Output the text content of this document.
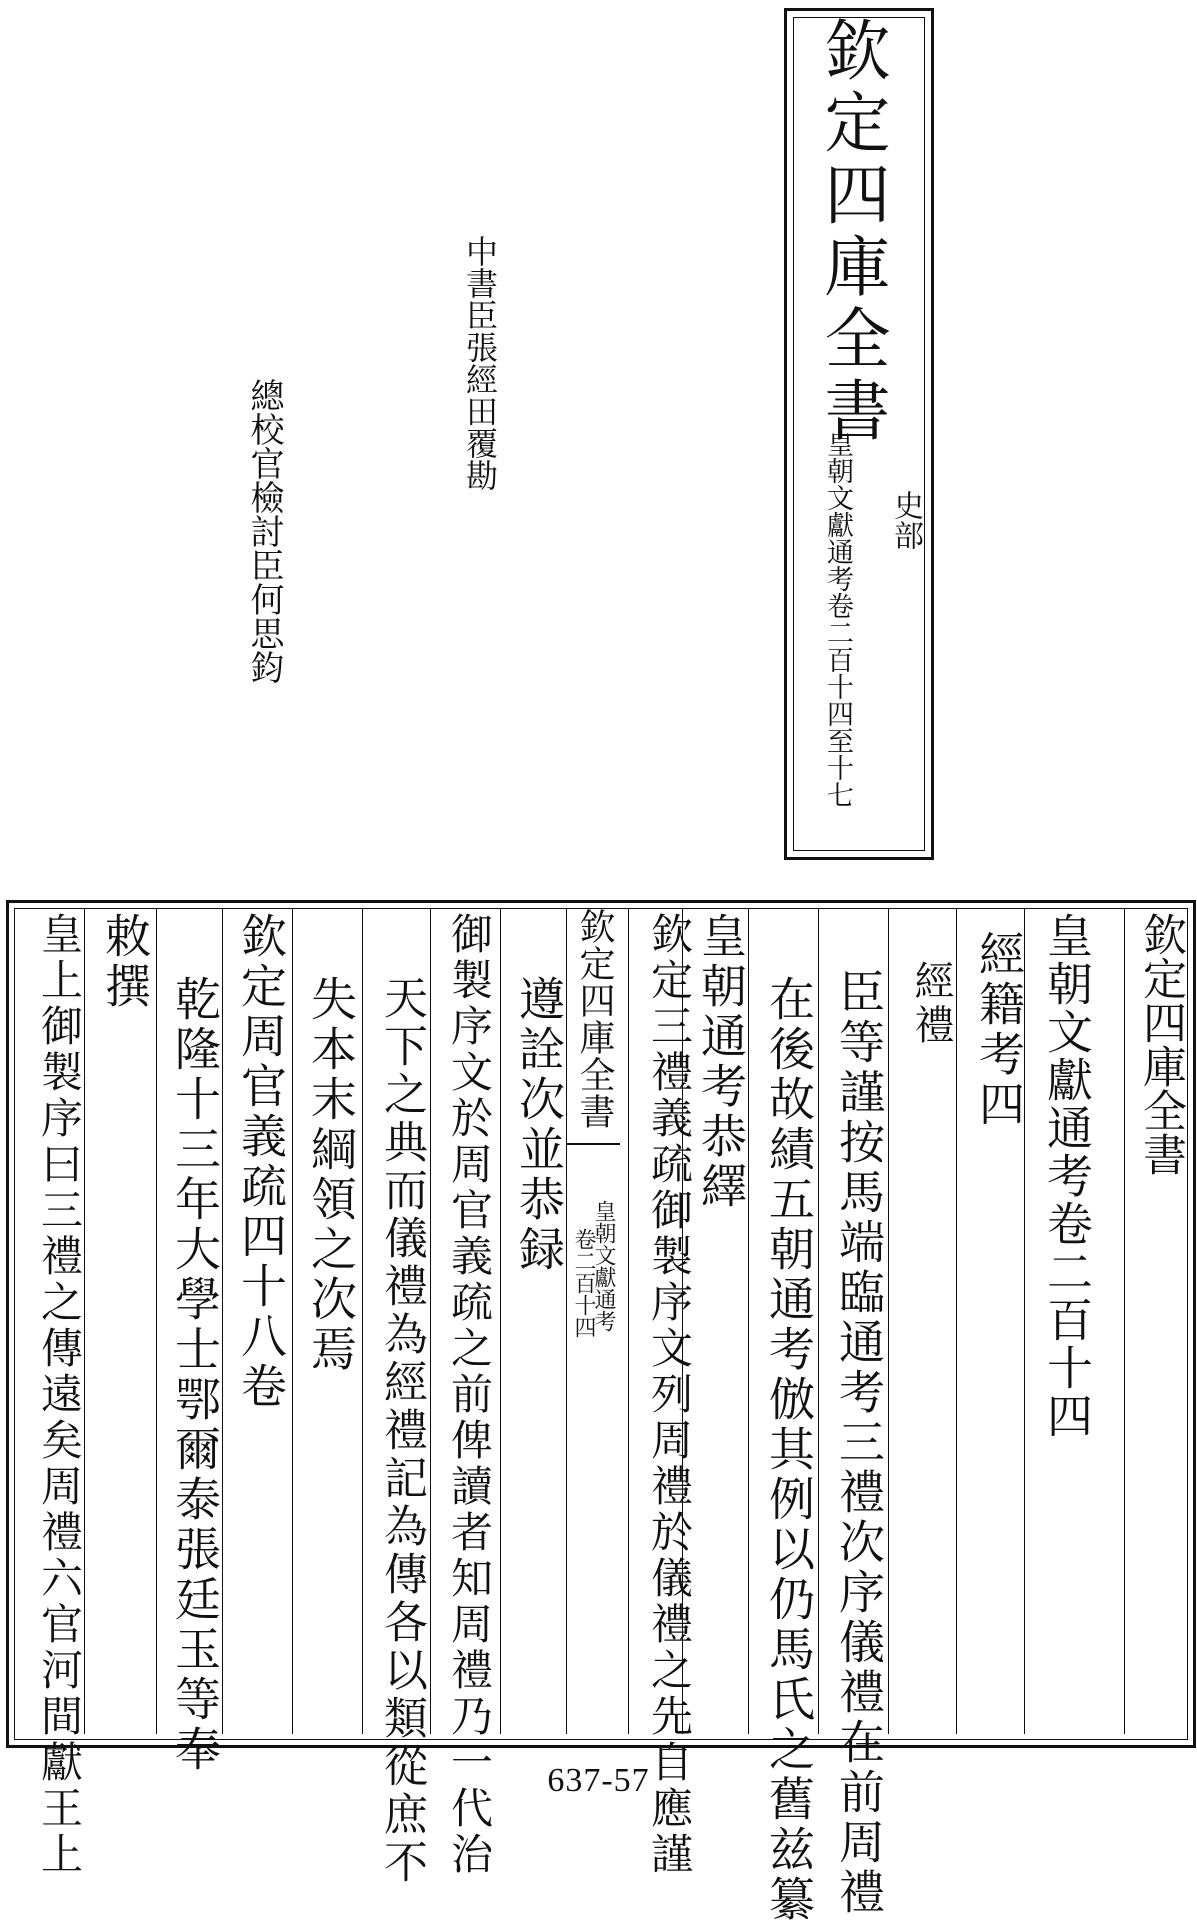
欽定四庫全書
史部
皇朝文獻通考卷二百十四至十七
中書臣張經田覆勘
總校官檢討臣何思鈞
欽定四庫全書
皇朝文獻通考卷二百十四
經籍考四
經禮
臣等謹按馬端臨通考三禮次序儀禮在前周禮
在後故績五朝通考倣其例以仍馬氏之舊兹纂
皇朝通考恭繹
欽定三禮義疏御製序文列周禮於儀禮之先自應謹
欽定四庫全書
皇朝文獻通考
卷二百十四
遵詮次並恭録
御製序文於周官義疏之前俾讀者知周禮乃一代治
天下之典而儀禮為經禮記為傳各以類從庶不
失本末綱領之次焉
欽定周官義疏四十八卷
乾隆十三年大學士鄂爾泰張廷玉等奉
敕撰
皇上御製序曰三禮之傳遠矣周禮六官河間獻王上	637-57
